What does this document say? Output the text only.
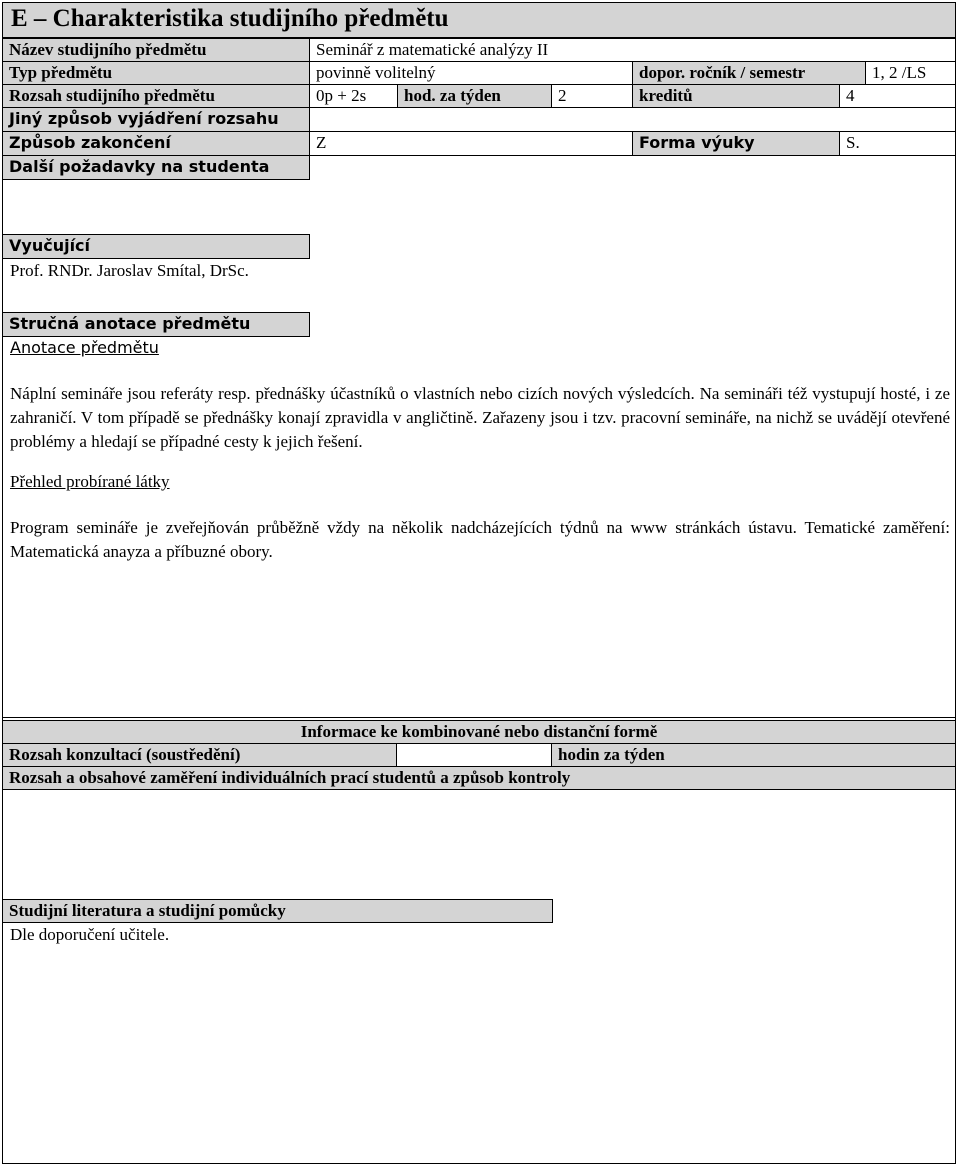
E – Charakteristika studijního předmětu
Název studijního předmětu	Seminář z matematické analýzy II
Typ předmětu	povinně volitelný	dopor. ročník / semestr	1, 2 /LS
Rozsah studijního předmětu	0p + 2s	hod. za týden	2	kreditů	4
Jiný způsob vyjádření rozsahu
Způsob zakončení	Z	Forma výuky	S.
Další požadavky na studenta
Vyučující
Prof. RNDr. Jaroslav Smítal, DrSc.
Stručná anotace předmětu
Anotace předmětu
Náplní semináře jsou referáty resp. přednášky účastníků o vlastních nebo cizích nových výsledcích. Na semináři též vystupují hosté, i ze zahraničí. V tom případě se přednášky konají zpravidla v angličtině. Zařazeny jsou i tzv. pracovní semináře, na nichž se uvádějí otevřené problémy a hledají se případné cesty k jejich řešení.
Přehled probírané látky
Program semináře je zveřejňován průběžně vždy na několik nadcházejících týdnů na www stránkách ústavu. Tematické zaměření: Matematická anayza a příbuzné obory.
Informace ke kombinované nebo distanční formě
Rozsah konzultací (soustředění)	hodin za týden
Rozsah a obsahové zaměření individuálních prací studentů a způsob kontroly
Studijní literatura a studijní pomůcky
Dle doporučení učitele.
